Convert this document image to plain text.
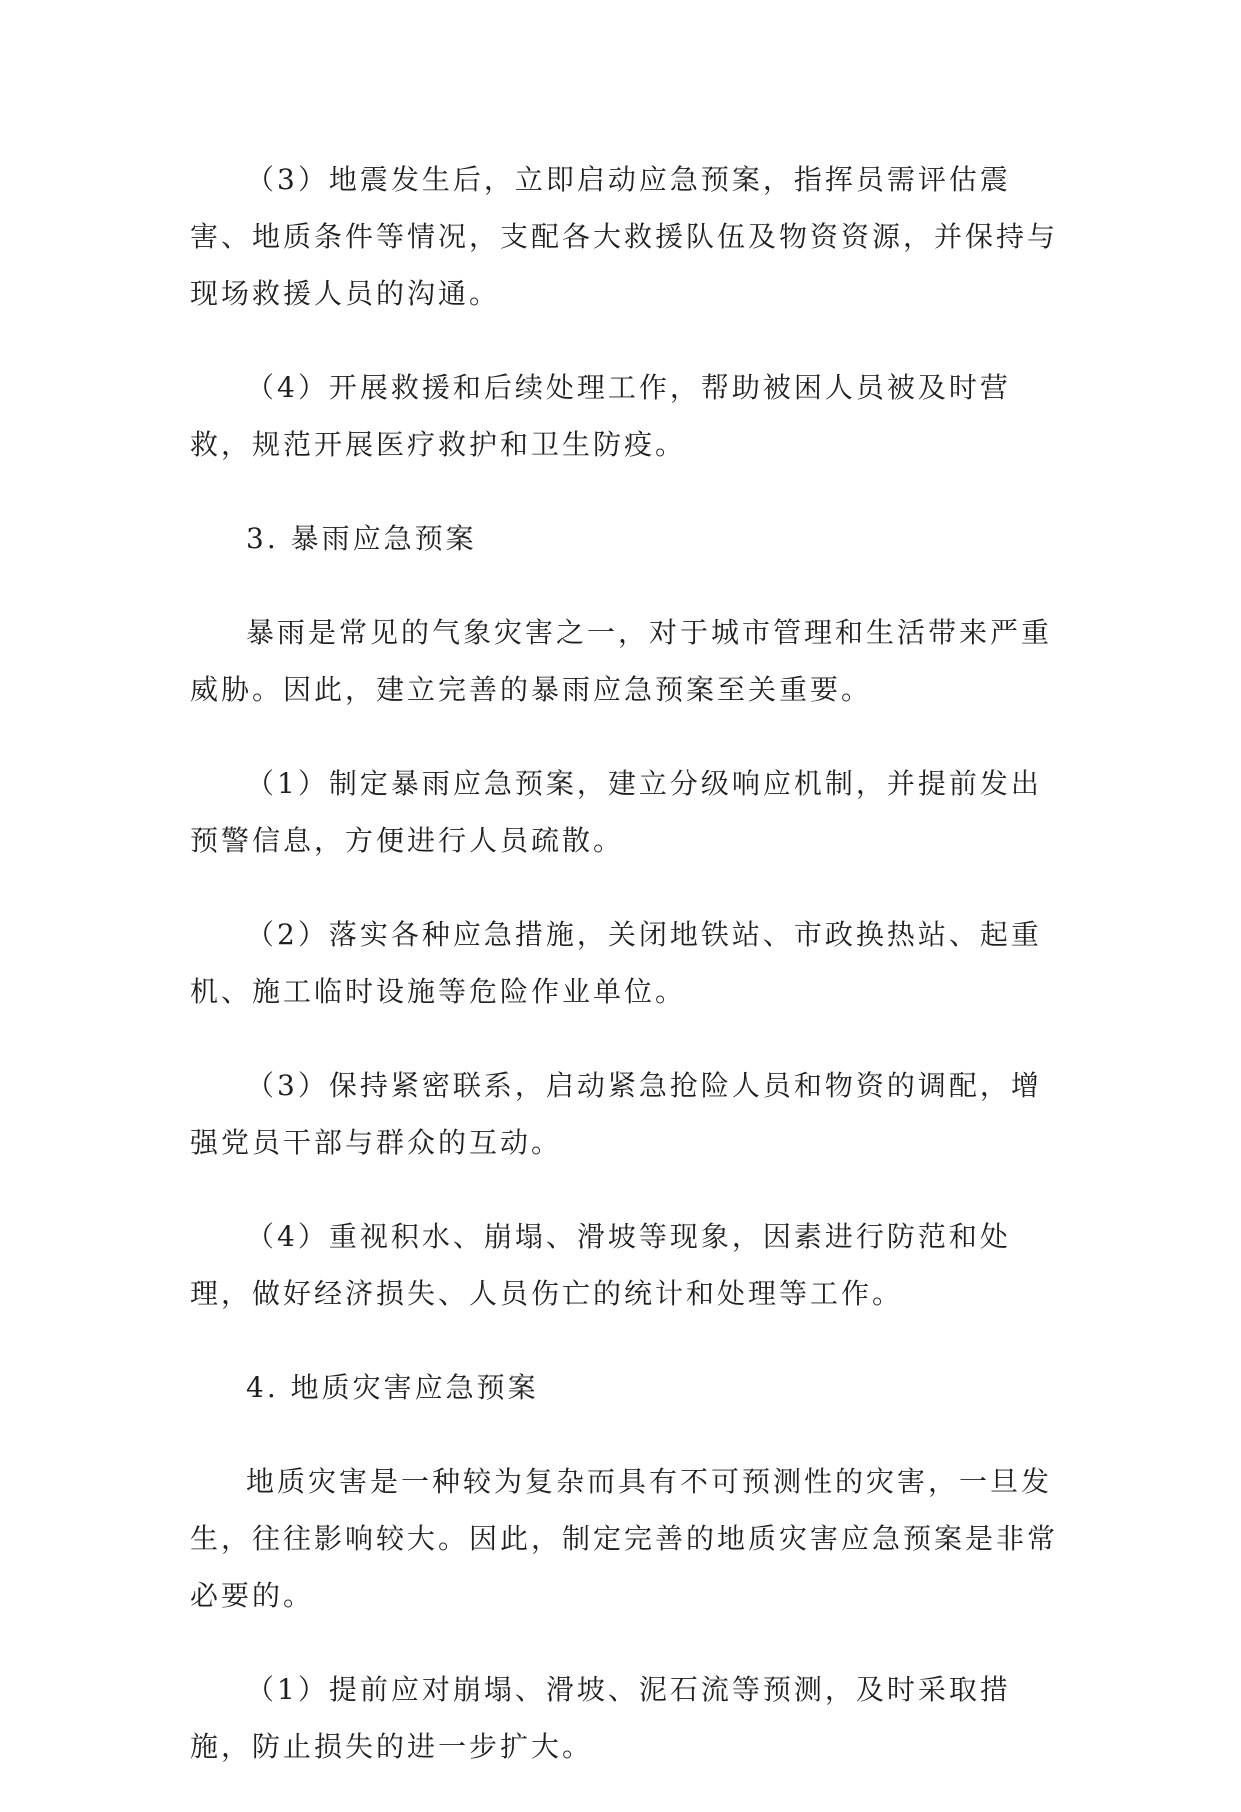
（3）地震发生后，立即启动应急预案，指挥员需评估震害、地质条件等情况，支配各大救援队伍及物资资源，并保持与现场救援人员的沟通。

（4）开展救援和后续处理工作，帮助被困人员被及时营救，规范开展医疗救护和卫生防疫。

3. 暴雨应急预案

暴雨是常见的气象灾害之一，对于城市管理和生活带来严重威胁。因此，建立完善的暴雨应急预案至关重要。

（1）制定暴雨应急预案，建立分级响应机制，并提前发出预警信息，方便进行人员疏散。

（2）落实各种应急措施，关闭地铁站、市政换热站、起重机、施工临时设施等危险作业单位。

（3）保持紧密联系，启动紧急抢险人员和物资的调配，增强党员干部与群众的互动。

（4）重视积水、崩塌、滑坡等现象，因素进行防范和处理，做好经济损失、人员伤亡的统计和处理等工作。

4. 地质灾害应急预案

地质灾害是一种较为复杂而具有不可预测性的灾害，一旦发生，往往影响较大。因此，制定完善的地质灾害应急预案是非常必要的。

（1）提前应对崩塌、滑坡、泥石流等预测，及时采取措施，防止损失的进一步扩大。
